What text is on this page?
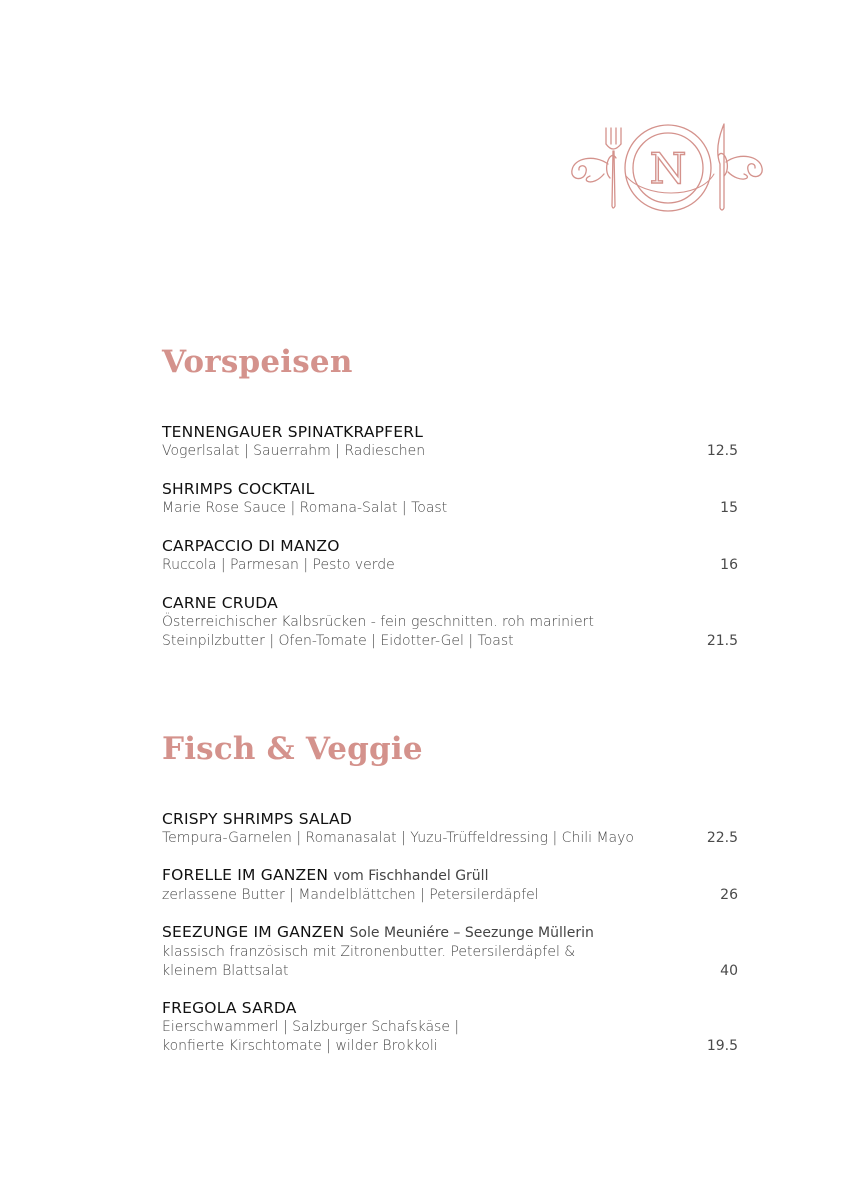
N
Vorspeisen
TENNENGAUER SPINATKRAPFERL
Vogerlsalat | Sauerrahm | Radieschen	12.5
SHRIMPS COCKTAIL
Marie Rose Sauce | Romana-Salat | Toast	15
CARPACCIO DI MANZO
Ruccola | Parmesan | Pesto verde	16
CARNE CRUDA
Österreichischer Kalbsrücken - fein geschnitten. roh mariniert
Steinpilzbutter | Ofen-Tomate | Eidotter-Gel | Toast	21.5
Fisch & Veggie
CRISPY SHRIMPS SALAD
Tempura-Garnelen | Romanasalat | Yuzu-Trüffeldressing | Chili Mayo	22.5
FORELLE IM GANZEN vom Fischhandel Grüll
zerlassene Butter | Mandelblättchen | Petersilerdäpfel	26
SEEZUNGE IM GANZEN Sole Meuniére – Seezunge Müllerin
klassisch französisch mit Zitronenbutter. Petersilerdäpfel &
kleinem Blattsalat	40
FREGOLA SARDA
Eierschwammerl | Salzburger Schafskäse |
konfierte Kirschtomate | wilder Brokkoli	19.5
